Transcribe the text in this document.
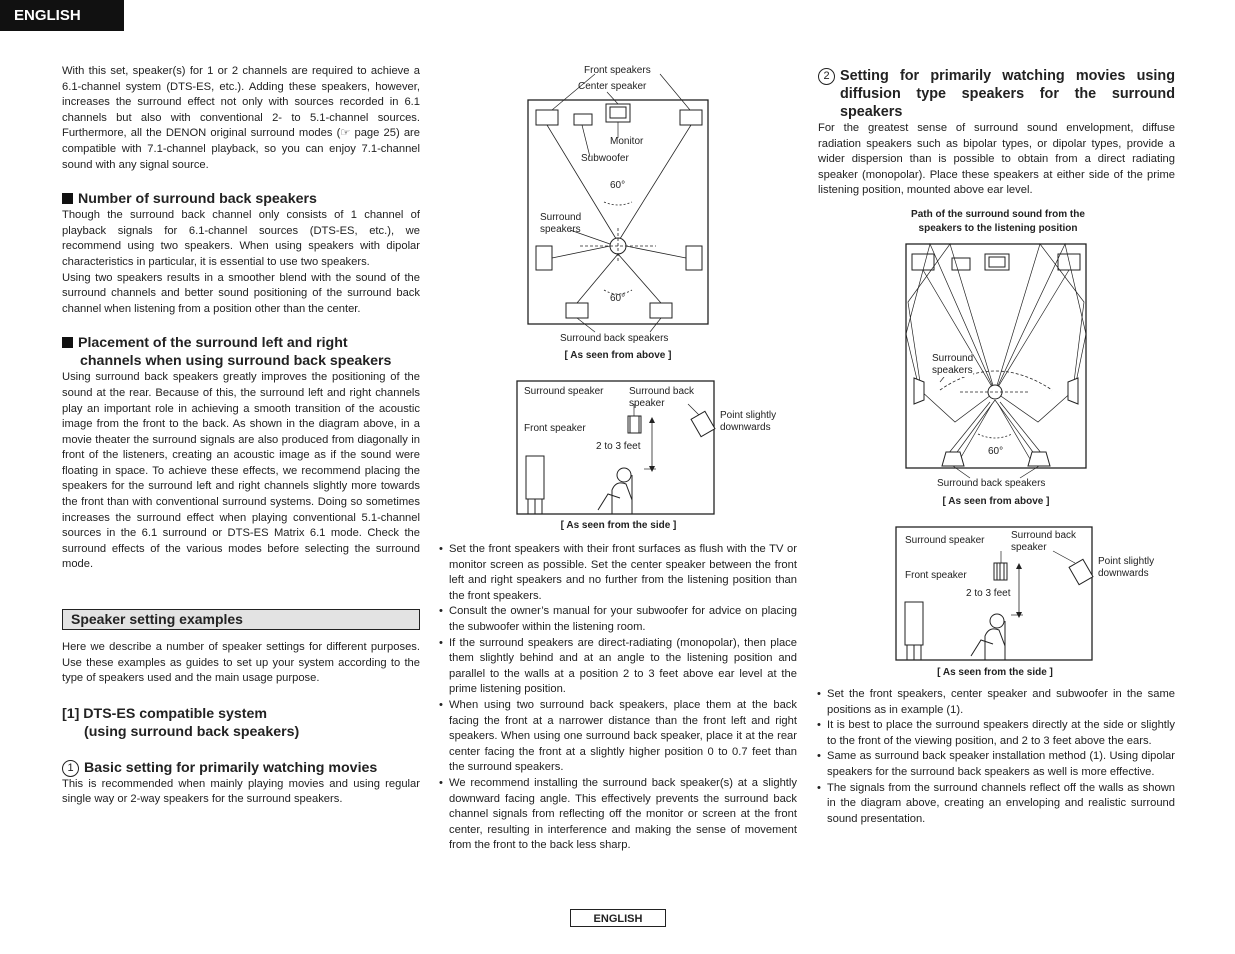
ENGLISH

With this set, speaker(s) for 1 or 2 channels are required to achieve a 6.1-channel system (DTS-ES, etc.). Adding these speakers, however, increases the surround effect not only with sources recorded in 6.1 channels but also with conventional 2- to 5.1-channel sources. Furthermore, all the DENON original surround modes (☞ page 25) are compatible with 7.1-channel playback, so you can enjoy 7.1-channel sound with any signal source.

Number of surround back speakers

Though the surround back channel only consists of 1 channel of playback signals for 6.1-channel sources (DTS-ES, etc.), we recommend using two speakers. When using speakers with dipolar characteristics in particular, it is essential to use two speakers.

Using two speakers results in a smoother blend with the sound of the surround channels and better sound positioning of the surround back channel when listening from a position other than the center.

Placement of the surround left and right

channels when using surround back speakers

Using surround back speakers greatly improves the positioning of the sound at the rear. Because of this, the surround left and right channels play an important role in achieving a smooth transition of the acoustic image from the front to the back. As shown in the diagram above, in a movie theater the surround signals are also produced from diagonally in front of the listeners, creating an acoustic image as if the sound were floating in space. To achieve these effects, we recommend placing the speakers for the surround left and right channels slightly more towards the front than with conventional surround systems. Doing so sometimes increases the surround effect when playing conventional 5.1-channel sources in the 6.1 surround or DTS-ES Matrix 6.1 mode. Check the surround effects of the various modes before selecting the surround mode.

Speaker setting examples

Here we describe a number of speaker settings for different purposes. Use these examples as guides to set up your system according to the type of speakers used and the main usage purpose.

[1] DTS-ES compatible system

(using surround back speakers)

1 Basic setting for primarily watching movies

This is recommended when mainly playing movies and using regular single way or 2-way speakers for the surround speakers.

Front speakers
Center speaker
Monitor
Subwoofer
60°
Surround
speakers
60°
Surround back speakers
[ As seen from above ]
Surround speaker	Surround back
speaker
Point slightly
downwards
Front speaker
2 to 3 feet
[ As seen from the side ]
• Set the front speakers with their front surfaces as flush with the TV or monitor screen as possible. Set the center speaker between the front left and right speakers and no further from the listening position than the front speakers.
• Consult the owner’s manual for your subwoofer for advice on placing the subwoofer within the listening room.
• If the surround speakers are direct-radiating (monopolar), then place them slightly behind and at an angle to the listening position and parallel to the walls at a position 2 to 3 feet above ear level at the prime listening position.
• When using two surround back speakers, place them at the back facing the front at a narrower distance than the front left and right speakers. When using one surround back speaker, place it at the rear center facing the front at a slightly higher position 0 to 0.7 feet than the surround speakers.
• We recommend installing the surround back speaker(s) at a slightly downward facing angle. This effectively prevents the surround back channel signals from reflecting off the monitor or screen at the front center, resulting in interference and making the sense of movement from the front to the back less sharp.
2 Setting for primarily watching movies using diffusion type speakers for the surround speakers

For the greatest sense of surround sound envelopment, diffuse radiation speakers such as bipolar types, or dipolar types, provide a wider dispersion than is possible to obtain from a direct radiating speaker (monopolar). Place these speakers at either side of the prime listening position, mounted above ear level.

Path of the surround sound from the
speakers to the listening position
Surround
speakers
60°
Surround back speakers
[ As seen from above ]
Surround speaker	Surround back
speaker
Point slightly
downwards
Front speaker
2 to 3 feet
[ As seen from the side ]
• Set the front speakers, center speaker and subwoofer in the same positions as in example (1).
• It is best to place the surround speakers directly at the side or slightly to the front of the viewing position, and 2 to 3 feet above the ears.
• Same as surround back speaker installation method (1). Using dipolar speakers for the surround back speakers as well is more effective.
• The signals from the surround channels reflect off the walls as shown in the diagram above, creating an enveloping and realistic surround sound presentation.
ENGLISH
